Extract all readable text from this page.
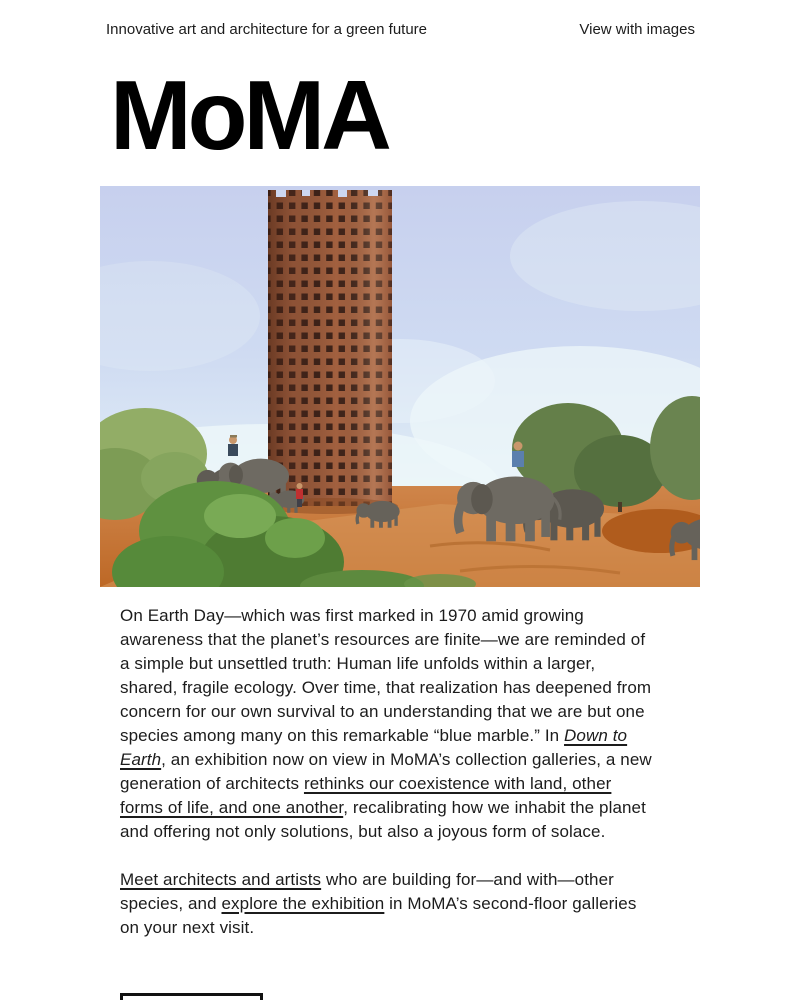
Innovative art and architecture for a green future	View with images
MoMA

On Earth Day—which was first marked in 1970 amid growing awareness that the planet’s resources are finite—we are reminded of a simple but unsettled truth: Human life unfolds within a larger, shared, fragile ecology. Over time, that realization has deepened from concern for our own survival to an understanding that we are but one species among many on this remarkable “blue marble.” In Down to Earth, an exhibition now on view in MoMA’s collection galleries, a new generation of architects rethinks our coexistence with land, other forms of life, and one another, recalibrating how we inhabit the planet and offering not only solutions, but also a joyous form of solace.

Meet architects and artists who are building for—and with—other species, and explore the exhibition in MoMA’s second-floor galleries on your next visit.
